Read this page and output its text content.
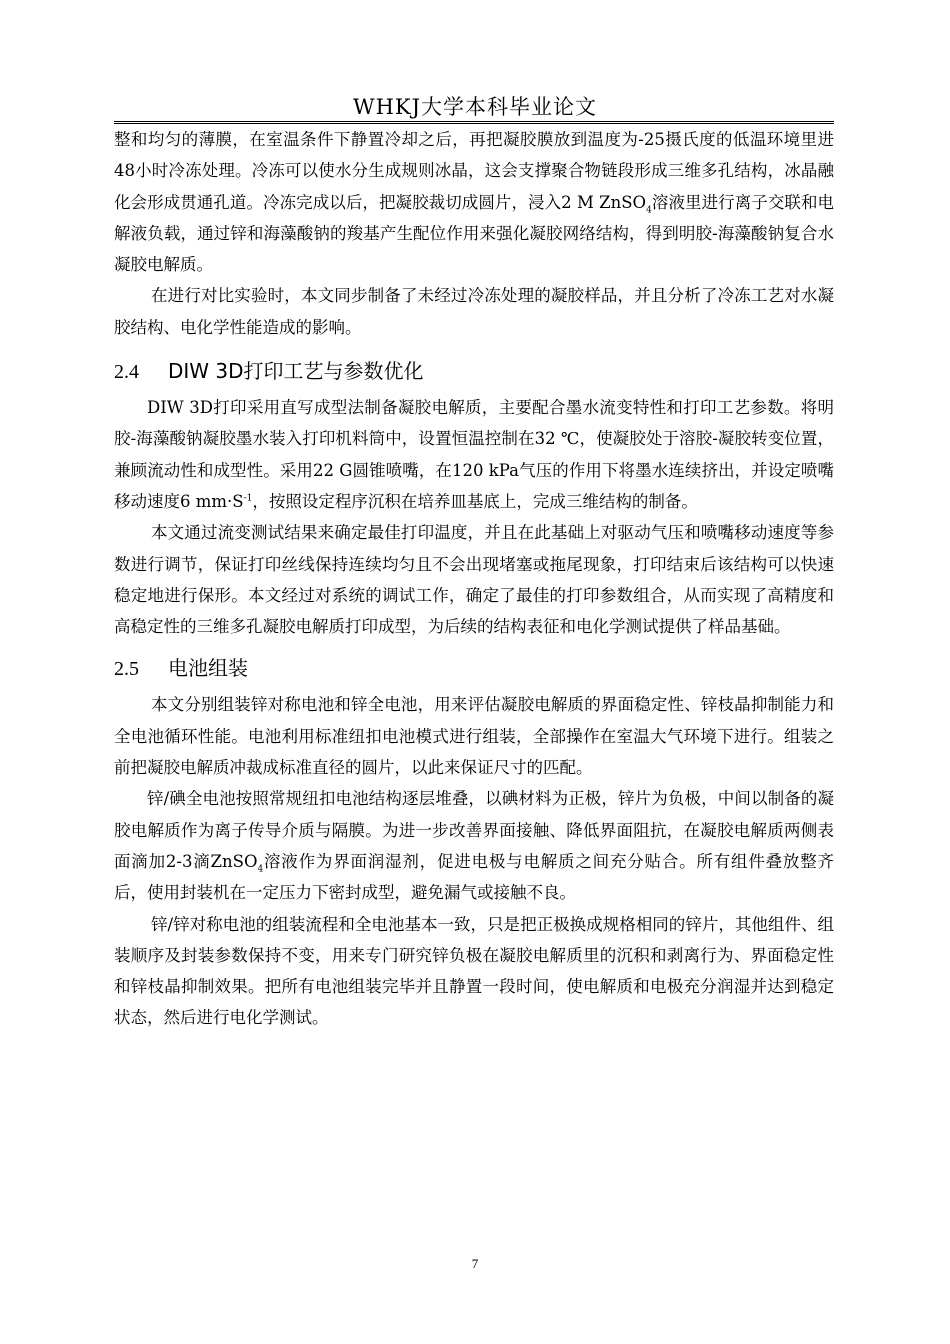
WHKJ大学本科毕业论文

整和均匀的薄膜，在室温条件下静置冷却之后，再把凝胶膜放到温度为-25摄氏度的低温环境里进48小时冷冻处理。冷冻可以使水分生成规则冰晶，这会支撑聚合物链段形成三维多孔结构，冰晶融化会形成贯通孔道。冷冻完成以后，把凝胶裁切成圆片，浸入2 M ZnSO$_4$溶液里进行离子交联和电解液负载，通过锌和海藻酸钠的羧基产生配位作用来强化凝胶网络结构，得到明胶-海藻酸钠复合水凝胶电解质。

在进行对比实验时，本文同步制备了未经过冷冻处理的凝胶样品，并且分析了冷冻工艺对水凝胶结构、电化学性能造成的影响。

2.4 DIW 3D打印工艺与参数优化

DIW 3D打印采用直写成型法制备凝胶电解质，主要配合墨水流变特性和打印工艺参数。将明胶-海藻酸钠凝胶墨水装入打印机料筒中，设置恒温控制在32 ℃，使凝胶处于溶胶-凝胶转变位置，兼顾流动性和成型性。采用22 G圆锥喷嘴，在120 kPa气压的作用下将墨水连续挤出，并设定喷嘴移动速度6 $mm\cdot S^{-1}$，按照设定程序沉积在培养皿基底上，完成三维结构的制备。

本文通过流变测试结果来确定最佳打印温度，并且在此基础上对驱动气压和喷嘴移动速度等参数进行调节，保证打印丝线保持连续均匀且不会出现堵塞或拖尾现象，打印结束后该结构可以快速稳定地进行保形。本文经过对系统的调试工作，确定了最佳的打印参数组合，从而实现了高精度和高稳定性的三维多孔凝胶电解质打印成型，为后续的结构表征和电化学测试提供了样品基础。

2.5 电池组装

本文分别组装锌对称电池和锌全电池，用来评估凝胶电解质的界面稳定性、锌枝晶抑制能力和全电池循环性能。电池利用标准纽扣电池模式进行组装，全部操作在室温大气环境下进行。组装之前把凝胶电解质冲裁成标准直径的圆片，以此来保证尺寸的匹配。

锌/碘全电池按照常规纽扣电池结构逐层堆叠，以碘材料为正极，锌片为负极，中间以制备的凝胶电解质作为离子传导介质与隔膜。为进一步改善界面接触、降低界面阻抗，在凝胶电解质两侧表面滴加2-3滴ZnSO$_4$溶液作为界面润湿剂，促进电极与电解质之间充分贴合。所有组件叠放整齐后，使用封装机在一定压力下密封成型，避免漏气或接触不良。

锌/锌对称电池的组装流程和全电池基本一致，只是把正极换成规格相同的锌片，其他组件、组装顺序及封装参数保持不变，用来专门研究锌负极在凝胶电解质里的沉积和剥离行为、界面稳定性和锌枝晶抑制效果。把所有电池组装完毕并且静置一段时间，使电解质和电极充分润湿并达到稳定状态，然后进行电化学测试。

7
